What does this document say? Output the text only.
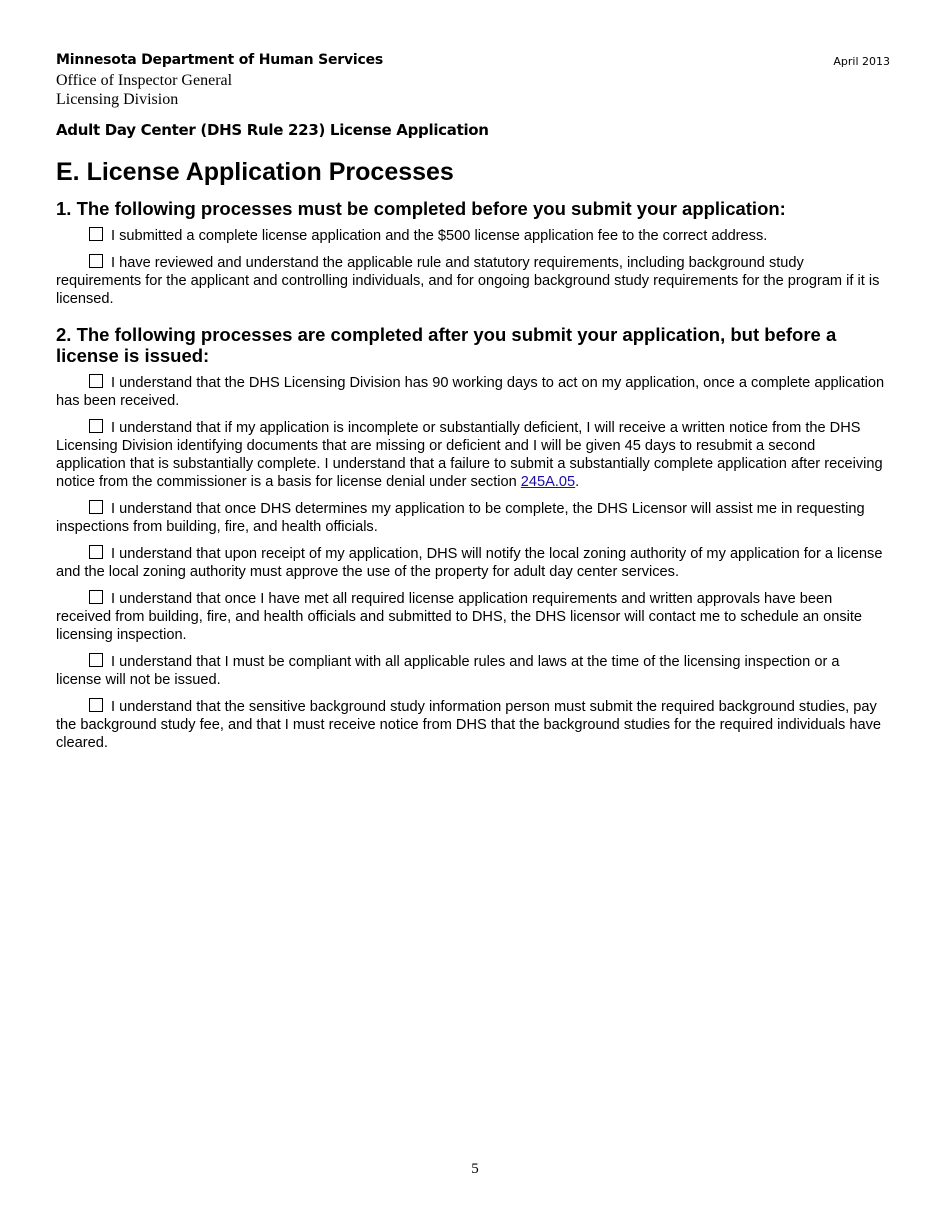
Minnesota Department of Human Services	April 2013
Office of Inspector General
Licensing Division
Adult Day Center (DHS Rule 223) License Application
E. License Application Processes
1. The following processes must be completed before you submit your application:

I submitted a complete license application and the $500 license application fee to the correct address.

I have reviewed and understand the applicable rule and statutory requirements, including background study requirements for the applicant and controlling individuals, and for ongoing background study requirements for the program if it is licensed.

2. The following processes are completed after you submit your application, but before a license is issued:

I understand that the DHS Licensing Division has 90 working days to act on my application, once a complete application has been received.

I understand that if my application is incomplete or substantially deficient, I will receive a written notice from the DHS Licensing Division identifying documents that are missing or deficient and I will be given 45 days to resubmit a second application that is substantially complete. I understand that a failure to submit a substantially complete application after receiving notice from the commissioner is a basis for license denial under section 245A.05.

I understand that once DHS determines my application to be complete, the DHS Licensor will assist me in requesting inspections from building, fire, and health officials.

I understand that upon receipt of my application, DHS will notify the local zoning authority of my application for a license and the local zoning authority must approve the use of the property for adult day center services.

I understand that once I have met all required license application requirements and written approvals have been received from building, fire, and health officials and submitted to DHS, the DHS licensor will contact me to schedule an onsite licensing inspection.

I understand that I must be compliant with all applicable rules and laws at the time of the licensing inspection or a license will not be issued.

I understand that the sensitive background study information person must submit the required background studies, pay the background study fee, and that I must receive notice from DHS that the background studies for the required individuals have cleared.

5
